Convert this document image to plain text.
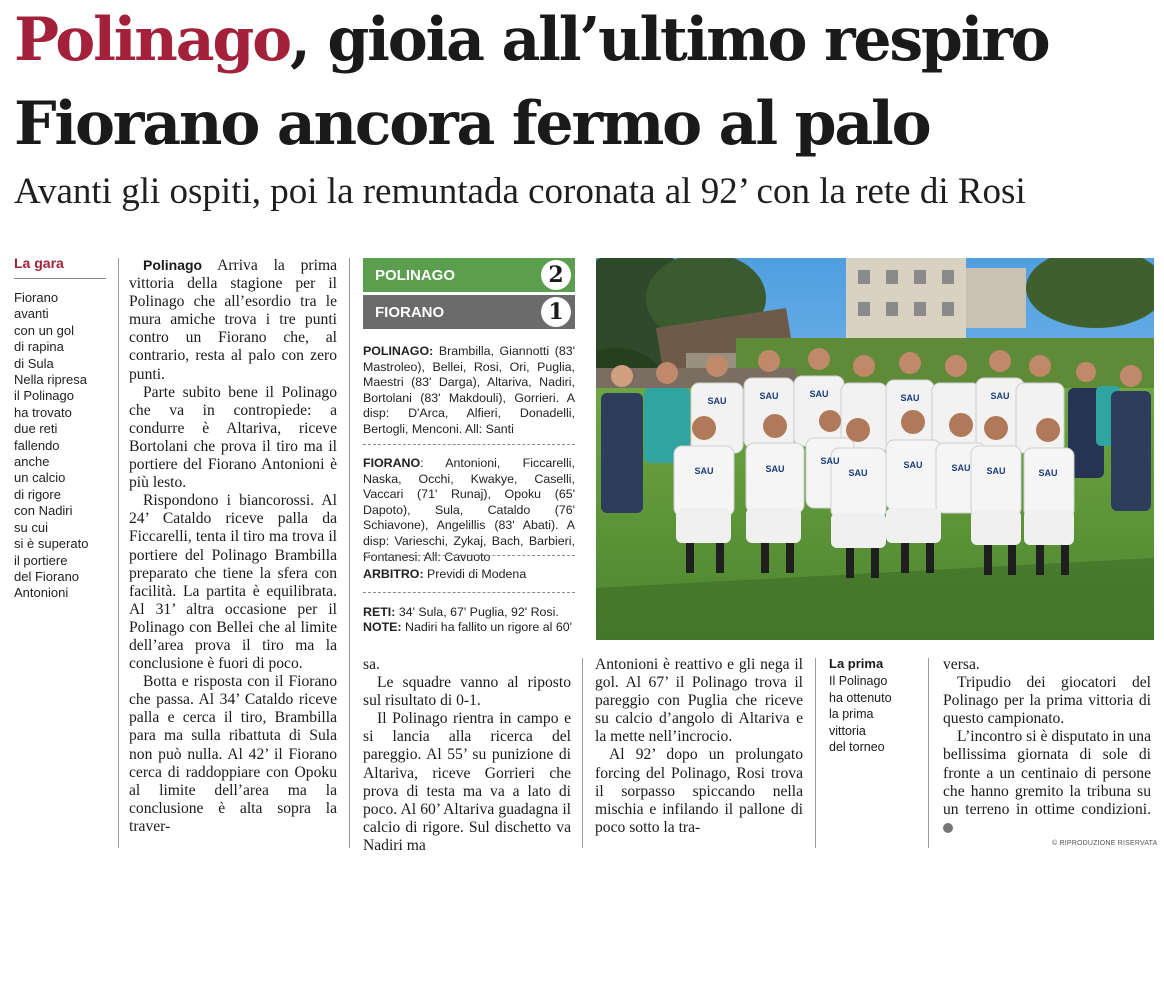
Polinago, gioia all’ultimo respiro
Fiorano ancora fermo al palo
Avanti gli ospiti, poi la remuntada coronata al 92’ con la rete di Rosi
La gara
Fiorano
avanti
con un gol
di rapina
di Sula
Nella ripresa
il Polinago
ha trovato
due reti
fallendo
anche
un calcio
di rigore
con Nadiri
su cui
si è superato
il portiere
del Fiorano
Antonioni

Polinago Arriva la prima vittoria della stagione per il Polinago che all’esordio tra le mura amiche trova i tre punti contro un Fiorano che, al contrario, resta al palo con zero punti.

Parte subito bene il Polinago che va in contropiede: a condurre è Altariva, riceve Bortolani che prova il tiro ma il portiere del Fiorano Antonioni è più lesto.

Rispondono i biancorossi. Al 24’ Cataldo riceve palla da Ficcarelli, tenta il tiro ma trova il portiere del Polinago Brambilla preparato che tiene la sfera con facilità. La partita è equilibrata. Al 31’ altra occasione per il Polinago con Bellei che al limite dell’area prova il tiro ma la conclusione è fuori di poco.

Botta e risposta con il Fiorano che passa. Al 34’ Cataldo riceve palla e cerca il tiro, Brambilla para ma sulla ribattuta di Sula non può nulla. Al 42’ il Fiorano cerca di raddoppiare con Opoku al limite dell’area ma la conclusione è alta sopra la traver-

POLINAGO	2
FIORANO	1
POLINAGO: Brambilla, Giannotti (83' Mastroleo), Bellei, Rosi, Ori, Puglia, Maestri (83' Darga), Altariva, Nadiri, Bortolani (83' Makdouli), Gorrieri. A disp: D'Arca, Alfieri, Donadelli, Bertogli, Menconi. All: Santi
FIORANO: Antonioni, Ficcarelli, Naska, Occhi, Kwakye, Caselli, Vaccari (71' Runaj), Opoku (65' Dapoto), Sula, Cataldo (76' Schiavone), Angelillis (83' Abati). A disp: Varieschi, Zykaj, Bach, Barbieri, Fontanesi. All: Cavuoto
ARBITRO: Previdi di Modena
RETI: 34' Sula, 67' Puglia, 92' Rosi.
NOTE: Nadiri ha fallito un rigore al 60'
SAU	SAU
SAU
SAU
SAU	SAU SAU	SAU
SAU	SAU	SAU	SAU	SAU

sa.

Le squadre vanno al riposto sul risultato di 0-1.

Il Polinago rientra in campo e si lancia alla ricerca del pareggio. Al 55’ su punizione di Altariva, riceve Gorrieri che prova di testa ma va a lato di poco. Al 60’ Altariva guadagna il calcio di rigore. Sul dischetto va Nadiri ma

Antonioni è reattivo e gli nega il gol. Al 67’ il Polinago trova il pareggio con Puglia che riceve su calcio d’angolo di Altariva e la mette nell’incrocio.

Al 92’ dopo un prolungato forcing del Polinago, Rosi trova il sorpasso spiccando nella mischia e infilando il pallone di poco sotto la tra-

La prima
Il Polinago
ha ottenuto
la prima
vittoria
del torneo

versa.

Tripudio dei giocatori del Polinago per la prima vittoria di questo campionato.

L’incontro si è disputato in una bellissima giornata di sole di fronte a un centinaio di persone che hanno gremito la tribuna su un terreno in ottime condizioni.

© RIPRODUZIONE RISERVATA
